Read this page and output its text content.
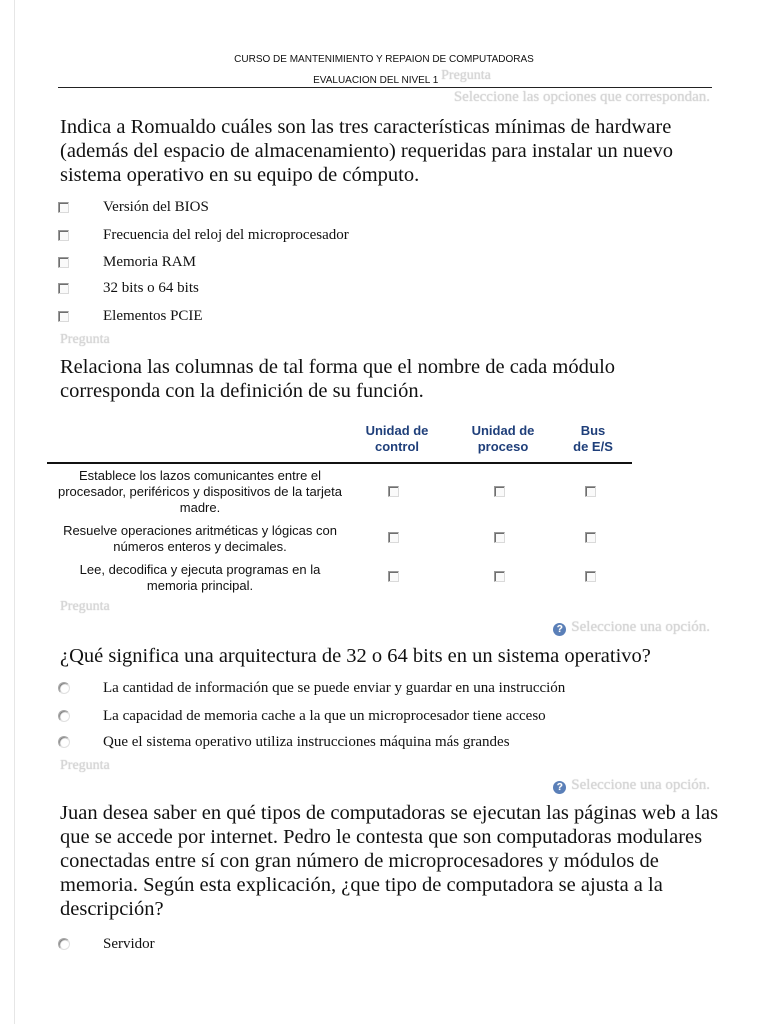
CURSO DE MANTENIMIENTO Y REPAION DE COMPUTADORAS
EVALUACION DEL NIVEL 1 Pregunta
Seleccione las opciones que correspondan.
Indica a Romualdo cuáles son las tres características mínimas de hardware (además del espacio de almacenamiento) requeridas para instalar un nuevo sistema operativo en su equipo de cómputo.
Versión del BIOS
Frecuencia del reloj del microprocesador
Memoria RAM
32 bits o 64 bits
Elementos PCIE
Pregunta
Relaciona las columnas de tal forma que el nombre de cada módulo corresponda con la definición de su función.
Unidad de control
Unidad de proceso
Bus de E/S
Establece los lazos comunicantes entre el procesador, periféricos y dispositivos de la tarjeta madre.
Resuelve operaciones aritméticas y lógicas con números enteros y decimales.
Lee, decodifica y ejecuta programas en la memoria principal.
Pregunta
? Seleccione una opción.
¿Qué significa una arquitectura de 32 o 64 bits en un sistema operativo?
La cantidad de información que se puede enviar y guardar en una instrucción
La capacidad de memoria cache a la que un microprocesador tiene acceso
Que el sistema operativo utiliza instrucciones máquina más grandes
Pregunta
? Seleccione una opción.
Juan desea saber en qué tipos de computadoras se ejecutan las páginas web a las que se accede por internet. Pedro le contesta que son computadoras modulares conectadas entre sí con gran número de microprocesadores y módulos de memoria. Según esta explicación, ¿que tipo de computadora se ajusta a la descripción?
Servidor
